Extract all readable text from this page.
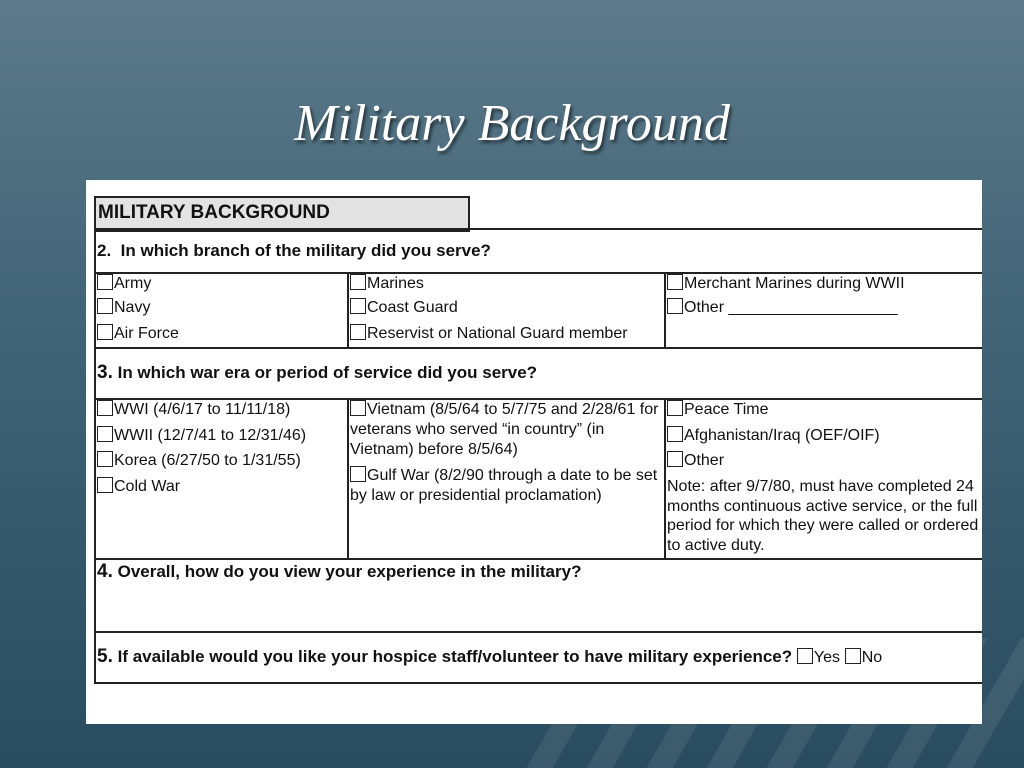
Military Background
MILITARY BACKGROUND
2. In which branch of the military did you serve?
Army
Navy
Air Force
Marines
Coast Guard
Reservist or National Guard member
Merchant Marines during WWII
Other ___________________
3. In which war era or period of service did you serve?
WWI (4/6/17 to 11/11/18)
WWII (12/7/41 to 12/31/46)
Korea (6/27/50 to 1/31/55)
Cold War
Vietnam (8/5/64 to 5/7/75 and 2/28/61 for veterans who served “in country” (in Vietnam) before 8/5/64)
Gulf War (8/2/90 through a date to be set by law or presidential proclamation)
Peace Time
Afghanistan/Iraq (OEF/OIF)
Other
Note: after 9/7/80, must have completed 24 months continuous active service, or the full period for which they were called or ordered to active duty.
4. Overall, how do you view your experience in the military?
5. If available would you like your hospice staff/volunteer to have military experience? Yes No
